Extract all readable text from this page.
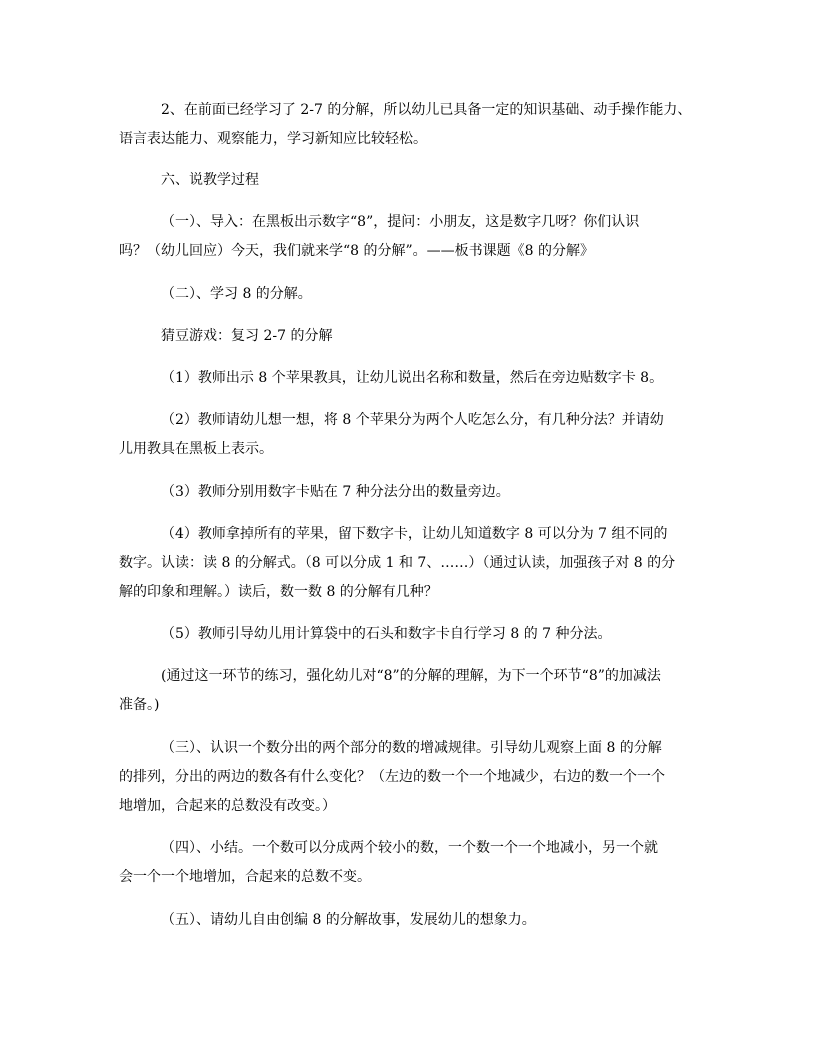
2、在前面已经学习了 2-7 的分解，所以幼儿已具备一定的知识基础、动手操作能力、
语言表达能力、观察能力，学习新知应比较轻松。

六、说教学过程

（一）、导入：在黑板出示数字“8”，提问：小朋友，这是数字几呀？你们认识
吗？（幼儿回应）今天，我们就来学“8 的分解”。——板书课题《8 的分解》

（二）、学习 8 的分解。

猜豆游戏：复习 2-7 的分解

（1）教师出示 8 个苹果教具，让幼儿说出名称和数量，然后在旁边贴数字卡 8。

（2）教师请幼儿想一想，将 8 个苹果分为两个人吃怎么分，有几种分法？并请幼
儿用教具在黑板上表示。

（3）教师分别用数字卡贴在 7 种分法分出的数量旁边。

（4）教师拿掉所有的苹果，留下数字卡，让幼儿知道数字 8 可以分为 7 组不同的
数字。认读：读 8 的分解式。（8 可以分成 1 和 7、……）（通过认读，加强孩子对 8 的分
解的印象和理解。）读后，数一数 8 的分解有几种？

（5）教师引导幼儿用计算袋中的石头和数字卡自行学习 8 的 7 种分法。

(通过这一环节的练习，强化幼儿对“8”的分解的理解，为下一个环节“8”的加减法
准备。)

（三）、认识一个数分出的两个部分的数的增减规律。引导幼儿观察上面 8 的分解
的排列，分出的两边的数各有什么变化？（左边的数一个一个地减少，右边的数一个一个
地增加，合起来的总数没有改变。）

（四）、小结。一个数可以分成两个较小的数，一个数一个一个地减小，另一个就
会一个一个地增加，合起来的总数不变。

（五）、请幼儿自由创编 8 的分解故事，发展幼儿的想象力。
